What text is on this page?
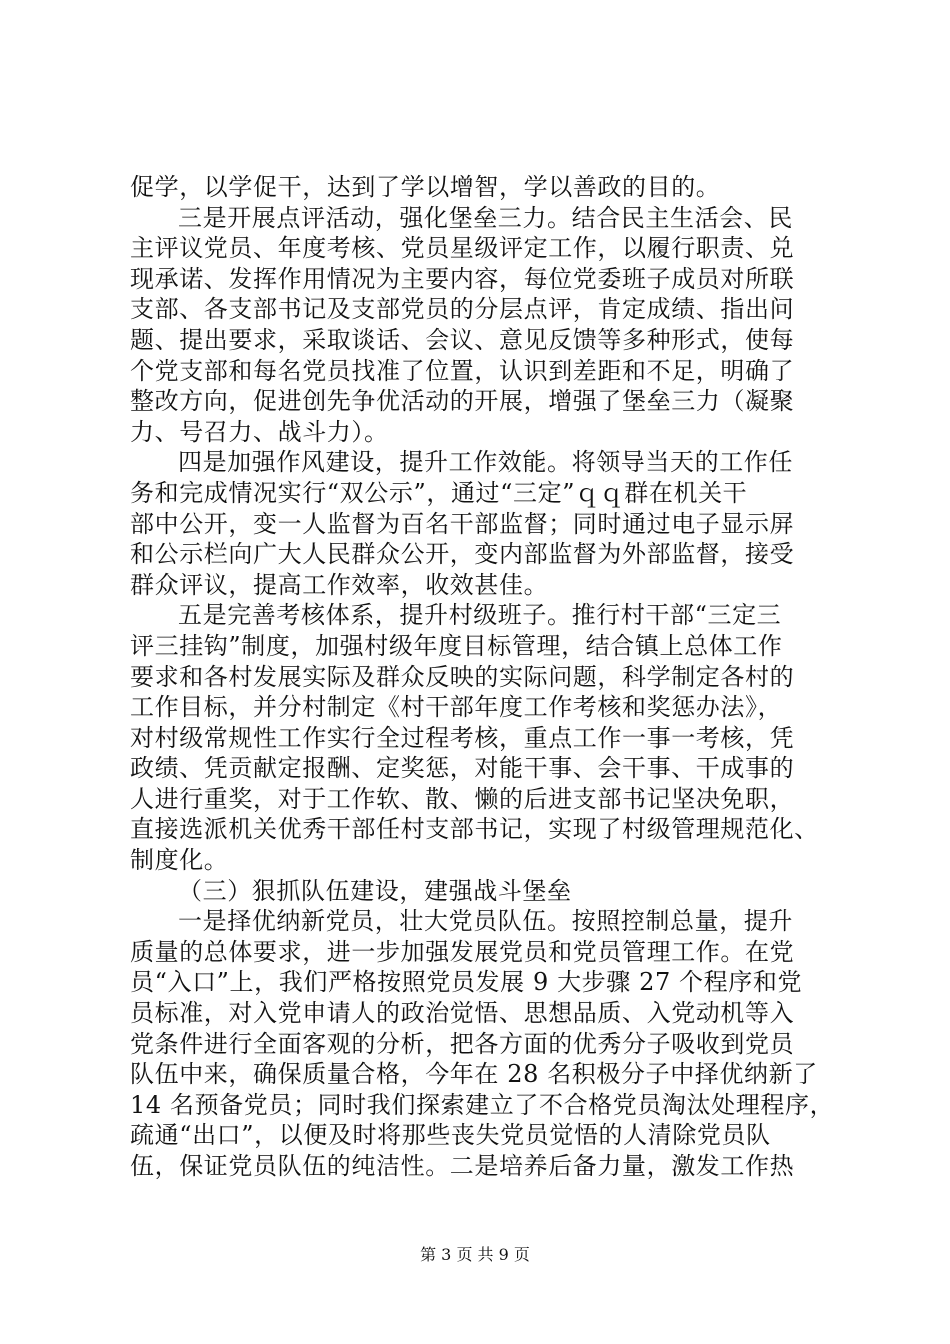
促学，以学促干，达到了学以增智，学以善政的目的。
三是开展点评活动，强化堡垒三力。结合民主生活会、民
主评议党员、年度考核、党员星级评定工作，以履行职责、兑
现承诺、发挥作用情况为主要内容，每位党委班子成员对所联
支部、各支部书记及支部党员的分层点评，肯定成绩、指出问
题、提出要求，采取谈话、会议、意见反馈等多种形式，使每
个党支部和每名党员找准了位置，认识到差距和不足，明确了
整改方向，促进创先争优活动的开展，增强了堡垒三力（凝聚
力、号召力、战斗力）。
四是加强作风建设，提升工作效能。将领导当天的工作任
务和完成情况实行“双公示”，通过“三定”ｑｑ群在机关干
部中公开，变一人监督为百名干部监督；同时通过电子显示屏
和公示栏向广大人民群众公开，变内部监督为外部监督，接受
群众评议，提高工作效率，收效甚佳。
五是完善考核体系，提升村级班子。推行村干部“三定三
评三挂钩”制度，加强村级年度目标管理，结合镇上总体工作
要求和各村发展实际及群众反映的实际问题，科学制定各村的
工作目标，并分村制定《村干部年度工作考核和奖惩办法》，
对村级常规性工作实行全过程考核，重点工作一事一考核，凭
政绩、凭贡献定报酬、定奖惩，对能干事、会干事、干成事的
人进行重奖，对于工作软、散、懒的后进支部书记坚决免职，
直接选派机关优秀干部任村支部书记，实现了村级管理规范化、
制度化。
（三）狠抓队伍建设，建强战斗堡垒
一是择优纳新党员，壮大党员队伍。按照控制总量，提升
质量的总体要求，进一步加强发展党员和党员管理工作。在党
员“入口”上，我们严格按照党员发展 9 大步骤 27 个程序和党
员标准，对入党申请人的政治觉悟、思想品质、入党动机等入
党条件进行全面客观的分析，把各方面的优秀分子吸收到党员
队伍中来，确保质量合格，今年在 28 名积极分子中择优纳新了
14 名预备党员；同时我们探索建立了不合格党员淘汰处理程序，
疏通“出口”，以便及时将那些丧失党员觉悟的人清除党员队
伍，保证党员队伍的纯洁性。二是培养后备力量，激发工作热
第 3 页 共 9 页
